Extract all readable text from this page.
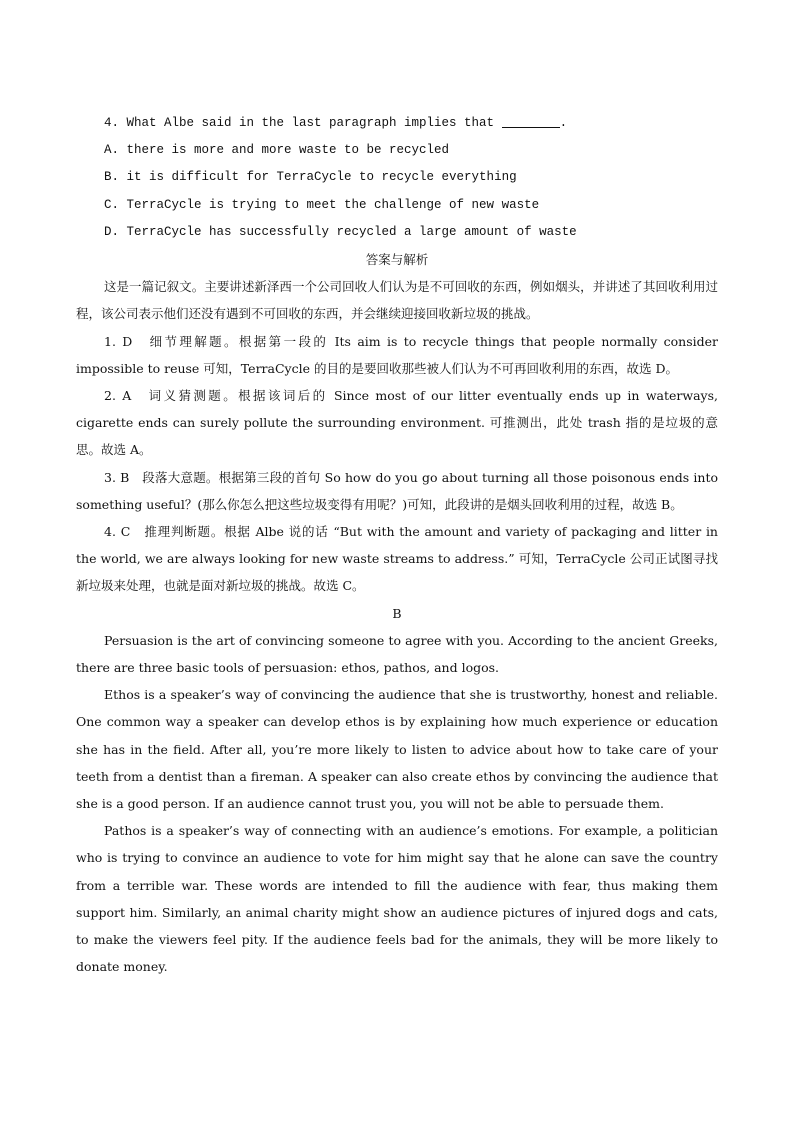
4. What Albe said in the last paragraph implies that	.

A. there is more and more waste to be recycled

B. it is difficult for TerraCycle to recycle everything

C. TerraCycle is trying to meet the challenge of new waste

D. TerraCycle has successfully recycled a large amount of waste

答案与解析

这是一篇记叙文。主要讲述新泽西一个公司回收人们认为是不可回收的东西，例如烟头，并讲述了其回收利用过程，该公司表示他们还没有遇到不可回收的东西，并会继续迎接回收新垃圾的挑战。

1. D　细节理解题。根据第一段的 Its aim is to recycle things that people normally consider impossible to reuse 可知，TerraCycle 的目的是要回收那些被人们认为不可再回收利用的东西，故选 D。

2. A　词义猜测题。根据该词后的 Since most of our litter eventually ends up in waterways, cigarette ends can surely pollute the surrounding environment. 可推测出，此处 trash 指的是垃圾的意思。故选 A。

3. B　段落大意题。根据第三段的首句 So how do you go about turning all those poisonous ends into something useful？(那么你怎么把这些垃圾变得有用呢？)可知，此段讲的是烟头回收利用的过程，故选 B。

4. C　推理判断题。根据 Albe 说的话 “But with the amount and variety of packaging and litter in the world, we are always looking for new waste streams to address.” 可知，TerraCycle 公司正试图寻找新垃圾来处理，也就是面对新垃圾的挑战。故选 C。

B

Persuasion is the art of convincing someone to agree with you. According to the ancient Greeks, there are three basic tools of persuasion: ethos, pathos, and logos.

Ethos is a speaker’s way of convincing the audience that she is trustworthy, honest and reliable. One common way a speaker can develop ethos is by explaining how much experience or education she has in the field. After all, you’re more likely to listen to advice about how to take care of your teeth from a dentist than a fireman. A speaker can also create ethos by convincing the audience that she is a good person. If an audience cannot trust you, you will not be able to persuade them.

Pathos is a speaker’s way of connecting with an audience’s emotions. For example, a politician who is trying to convince an audience to vote for him might say that he alone can save the country from a terrible war. These words are intended to fill the audience with fear, thus making them support him. Similarly, an animal charity might show an audience pictures of injured dogs and cats, to make the viewers feel pity. If the audience feels bad for the animals, they will be more likely to donate money.
